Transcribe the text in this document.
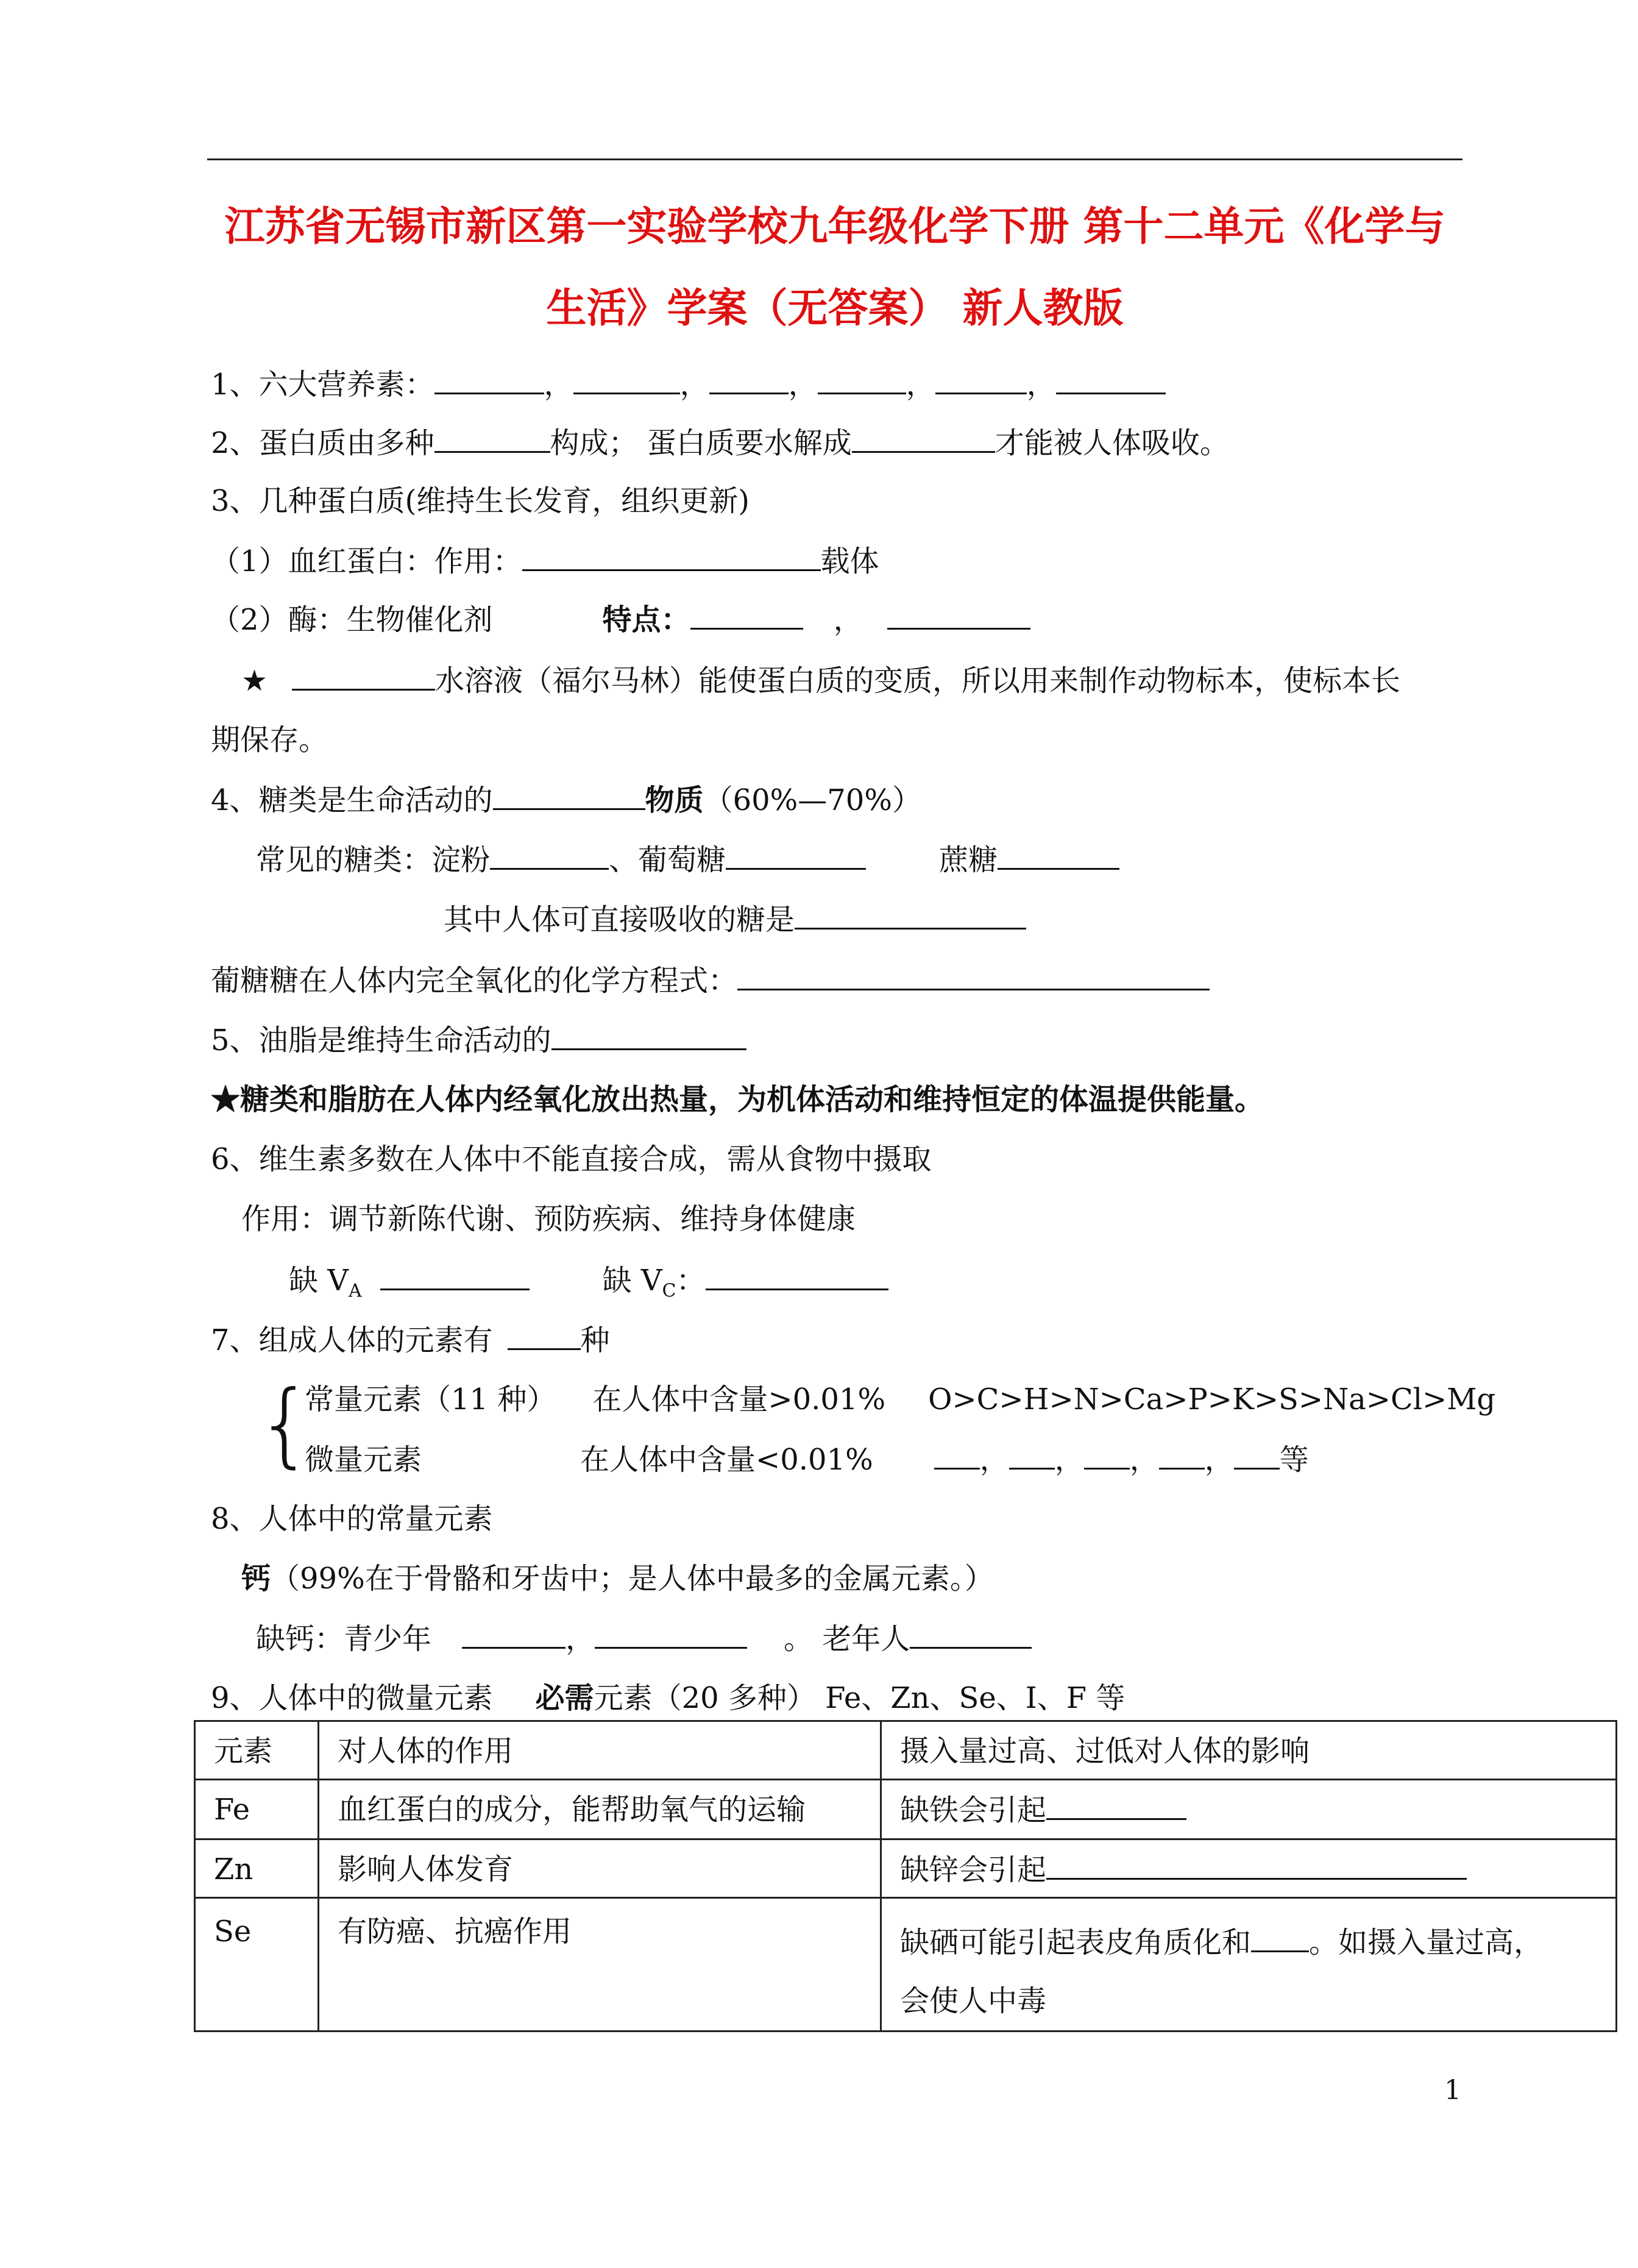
江苏省无锡市新区第一实验学校九年级化学下册 第十二单元《化学与
生活》学案（无答案） 新人教版
1、六大营养素：	，	，	，	，	，
2、蛋白质由多种	构成； 蛋白质要水解成	才能被人体吸收。
3、几种蛋白质(维持生长发育，组织更新)
（1）血红蛋白：作用：	载体
（2）酶：生物催化剂	特点：	，
★	水溶液（福尔马林）能使蛋白质的变质，所以用来制作动物标本，使标本长
期保存。
4、糖类是生命活动的	物质（60%—70%）
常见的糖类：淀粉	、葡萄糖	蔗糖
其中人体可直接吸收的糖是
葡糖糖在人体内完全氧化的化学方程式：
5、油脂是维持生命活动的
★糖类和脂肪在人体内经氧化放出热量，为机体活动和维持恒定的体温提供能量。
6、维生素多数在人体中不能直接合成，需从食物中摄取
作用：调节新陈代谢、预防疾病、维持身体健康
缺 $V_A$	缺 $V_C$：
7、组成人体的元素有	种
{
常量元素（11 种） 在人体中含量>0.01% O>C>H>N>Ca>P>K>S>Na>Cl>Mg
微量元素	在人体中含量<0.01%	， ， ， ， 等
8、人体中的常量元素
钙（99%在于骨骼和牙齿中；是人体中最多的金属元素。）
缺钙：青少年	，	。 老年人
9、人体中的微量元素 必需元素（20 多种） Fe、Zn、Se、I、F 等
元素	对人体的作用	摄入量过高、过低对人体的影响
Fe	血红蛋白的成分，能帮助氧气的运输	缺铁会引起
Zn	影响人体发育	缺锌会引起
Se	有防癌、抗癌作用	缺硒可能引起表皮角质化和 。如摄入量过高，
会使人中毒
1
